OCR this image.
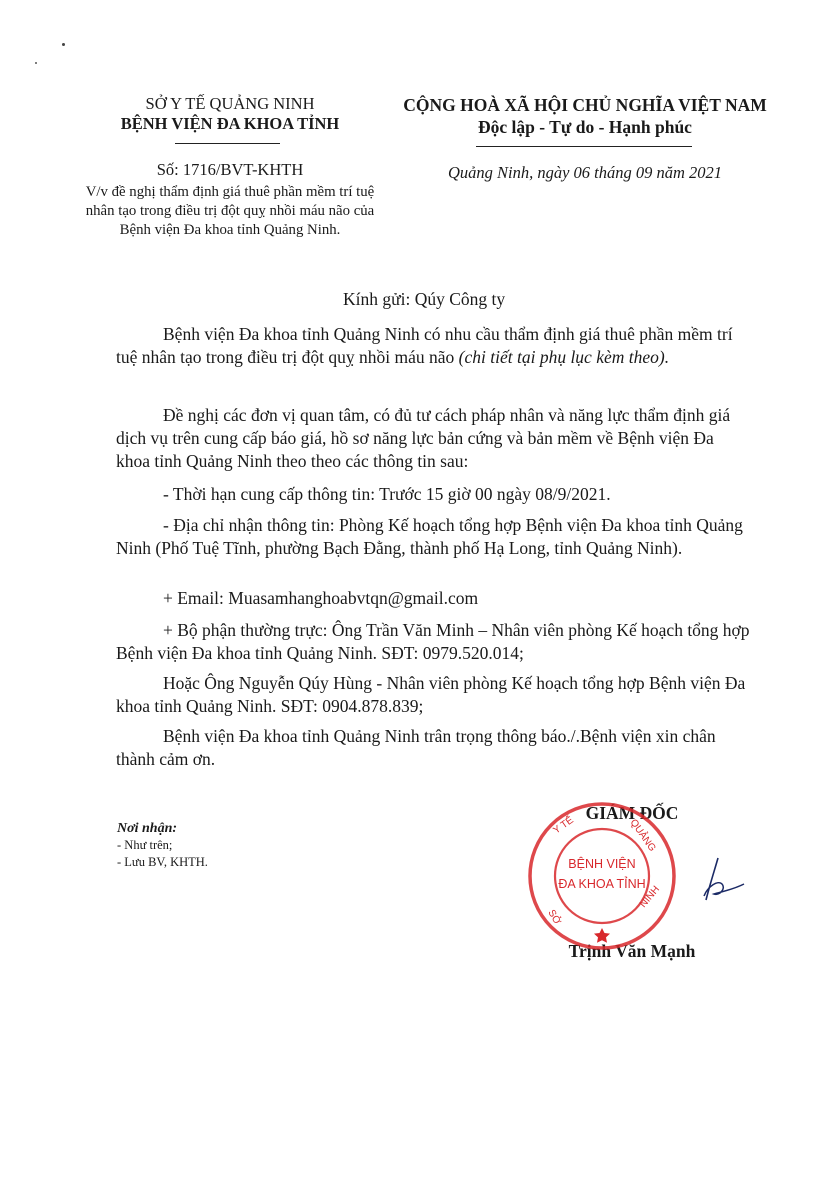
SỞ Y TẾ QUẢNG NINH
BỆNH VIỆN ĐA KHOA TỈNH
CỘNG HOÀ XÃ HỘI CHỦ NGHĨA VIỆT NAM
Độc lập - Tự do - Hạnh phúc
Số: 1716/BVT-KHTH
V/v đề nghị thẩm định giá thuê phần mềm trí tuệ nhân tạo trong điều trị đột quỵ nhồi máu não của Bệnh viện Đa khoa tỉnh Quảng Ninh.
Quảng Ninh, ngày 06 tháng 09 năm 2021
Kính gửi: Qúy Công ty
Bệnh viện Đa khoa tỉnh Quảng Ninh có nhu cầu thẩm định giá thuê phần mềm trí tuệ nhân tạo trong điều trị đột quỵ nhồi máu não (chi tiết tại phụ lục kèm theo).
Đề nghị các đơn vị quan tâm, có đủ tư cách pháp nhân và năng lực thẩm định giá dịch vụ trên cung cấp báo giá, hồ sơ năng lực bản cứng và bản mềm về Bệnh viện Đa khoa tỉnh Quảng Ninh theo theo các thông tin sau:
- Thời hạn cung cấp thông tin: Trước 15 giờ 00 ngày 08/9/2021.
- Địa chỉ nhận thông tin: Phòng Kế hoạch tổng hợp Bệnh viện Đa khoa tỉnh Quảng Ninh (Phố Tuệ Tĩnh, phường Bạch Đằng, thành phố Hạ Long, tỉnh Quảng Ninh).
+ Email: Muasamhanghoabvtqn@gmail.com
+ Bộ phận thường trực: Ông Trần Văn Minh – Nhân viên phòng Kế hoạch tổng hợp Bệnh viện Đa khoa tỉnh Quảng Ninh. SĐT: 0979.520.014;
Hoặc Ông Nguyễn Qúy Hùng - Nhân viên phòng Kế hoạch tổng hợp Bệnh viện Đa khoa tỉnh Quảng Ninh. SĐT: 0904.878.839;
Bệnh viện Đa khoa tỉnh Quảng Ninh trân trọng thông báo./.Bệnh viện xin chân thành cảm ơn.
Nơi nhận:
- Như trên;
- Lưu BV, KHTH.
GIÁM ĐỐC
Trịnh Văn Mạnh
Y TẾ	QUẢNG
NINH
SỞ
BỆNH VIỆN
ĐA KHOA TỈNH
